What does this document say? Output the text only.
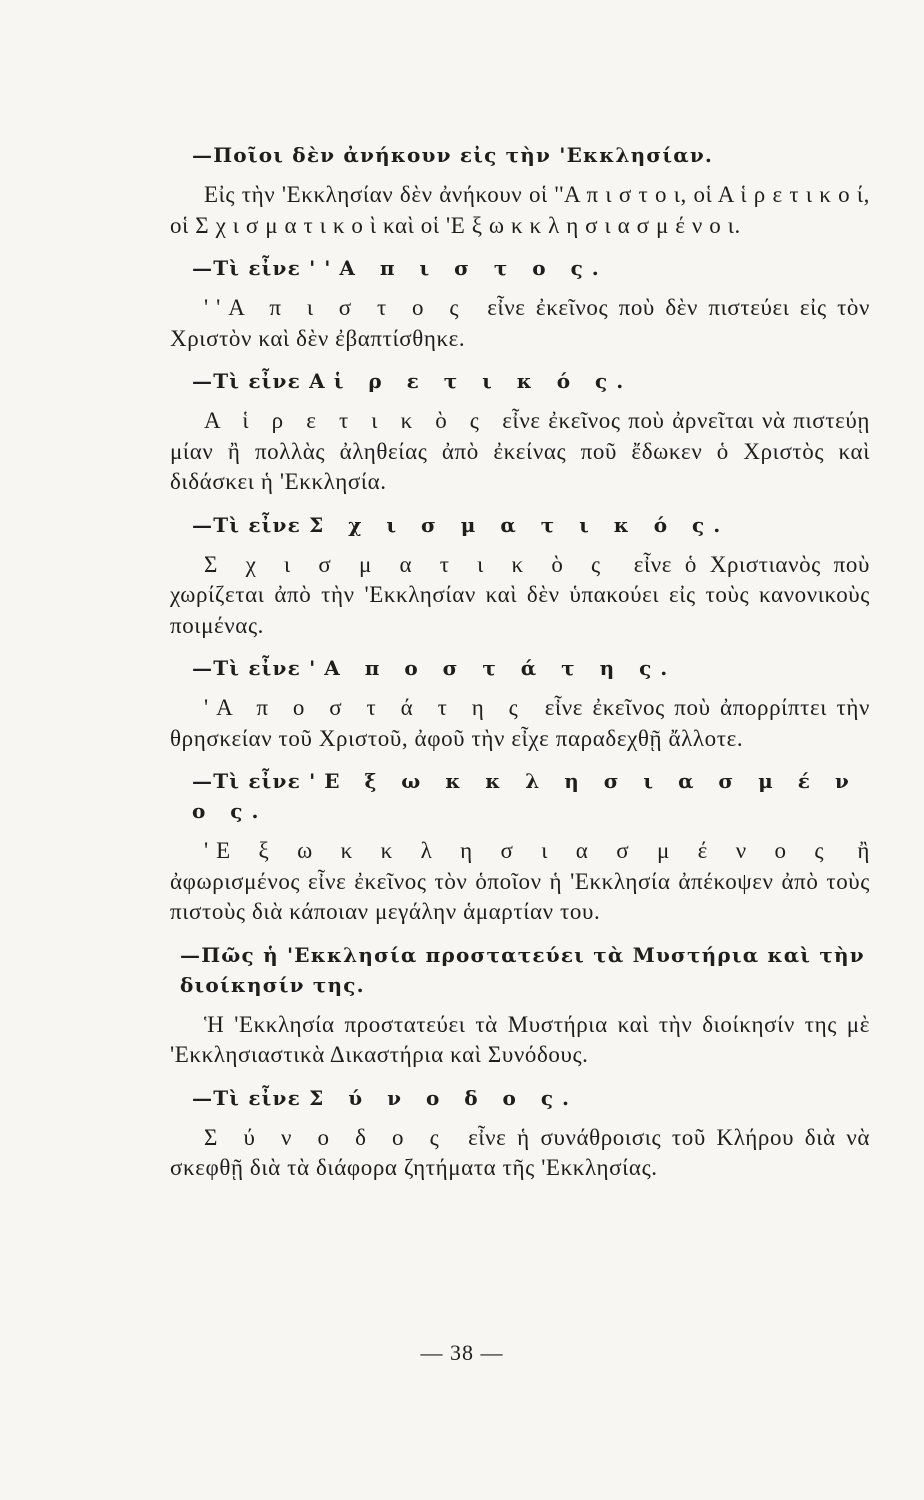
—Ποῖοι δὲν ἀνήκουν εἰς τὴν 'Εκκλησίαν.

Εἰς τὴν 'Εκκλησίαν δὲν ἀνήκουν οἱ ''Α π ι σ τ ο ι, οἱ Α ἱ ρ ε τ ι κ ο ί, οἱ Σ χ ι σ μ α τ ι κ ο ὶ καὶ οἱ 'Ε ξ ω κ κ λ η σ ι α σ μ έ ν ο ι.

—Τὶ εἶνε ''Α π ι σ τ ο ς.

''Α π ι σ τ ο ς εἶνε ἐκεῖνος ποὺ δὲν πιστεύει εἰς τὸν Χριστὸν καὶ δὲν ἐβαπτίσθηκε.

—Τὶ εἶνε Αἱ ρ ε τ ι κ ό ς.

Α ἱ ρ ε τ ι κ ὸ ς εἶνε ἐκεῖνος ποὺ ἀρνεῖται νὰ πιστεύῃ μίαν ἢ πολλὰς ἀληθείας ἀπὸ ἐκείνας ποῦ ἔδωκεν ὁ Χριστὸς καὶ διδάσκει ἡ 'Εκκλησία.

—Τὶ εἶνε Σ χ ι σ μ α τ ι κ ό ς.

Σ χ ι σ μ α τ ι κ ὸ ς εἶνε ὁ Χριστιανὸς ποὺ χωρίζεται ἀπὸ τὴν 'Εκκλησίαν καὶ δὲν ὑπακούει εἰς τοὺς κανονικοὺς ποιμένας.

—Τὶ εἶνε 'Α π ο σ τ ά τ η ς.

'Α π ο σ τ ά τ η ς εἶνε ἐκεῖνος ποὺ ἀπορρίπτει τὴν θρησκείαν τοῦ Χριστοῦ, ἀφοῦ τὴν εἶχε παραδεχθῇ ἄλλοτε.

—Τὶ εἶνε 'Ε ξ ω κ κ λ η σ ι α σ μ έ ν ο ς.

'Ε ξ ω κ κ λ η σ ι α σ μ έ ν ο ς ἢ ἀφωρισμένος εἶνε ἐκεῖνος τὸν ὁποῖον ἡ 'Εκκλησία ἀπέκοψεν ἀπὸ τοὺς πιστοὺς διὰ κάποιαν μεγάλην ἁμαρτίαν του.

—Πῶς ἡ 'Εκκλησία προστατεύει τὰ Μυστήρια καὶ τὴν διοίκησίν της.

Ἡ 'Εκκλησία προστατεύει τὰ Μυστήρια καὶ τὴν διοίκησίν της μὲ 'Εκκλησιαστικὰ Δικαστήρια καὶ Συνόδους.

—Τὶ εἶνε Σ ύ ν ο δ ο ς.

Σ ύ ν ο δ ο ς εἶνε ἡ συνάθροισις τοῦ Κλήρου διὰ νὰ σκεφθῇ διὰ τὰ διάφορα ζητήματα τῆς 'Εκκλησίας.

— 38 —
